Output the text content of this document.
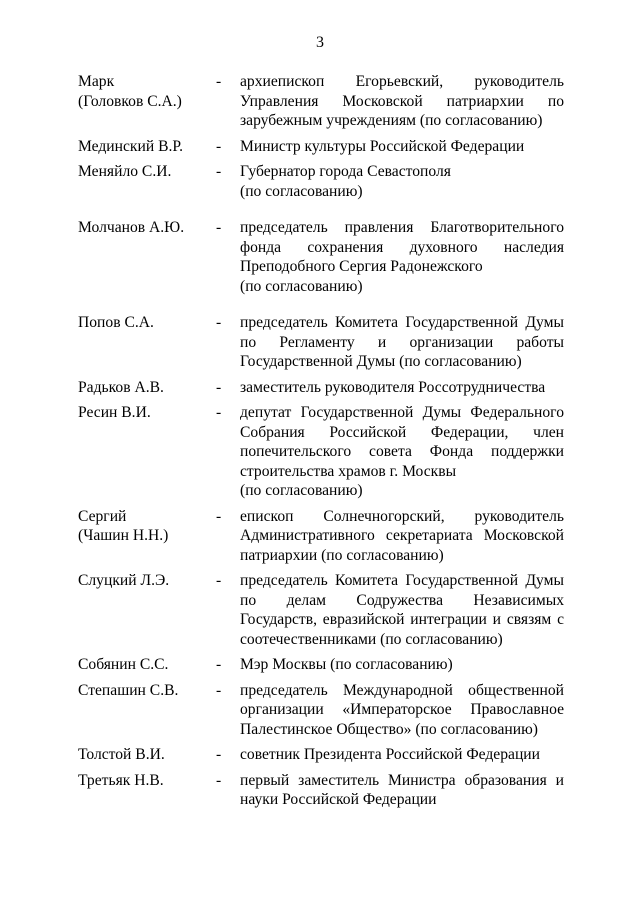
3
Марк
(Головков С.А.)
-	архиепископ Егорьевский, руководитель Управления Московской патриархии по зарубежным учреждениям (по согласованию)
Мединский В.Р.	-	Министр культуры Российской Федерации
Меняйло С.И.	-	Губернатор города Севастополя
(по согласованию)
Молчанов А.Ю.	-	председатель правления Благотворительного фонда сохранения духовного наследия Преподобного Сергия Радонежского
(по согласованию)
Попов С.А.	-	председатель Комитета Государственной Думы по Регламенту и организации работы Государственной Думы (по согласованию)
Радьков А.В.	-	заместитель руководителя Россотрудничества
Ресин В.И.	-	депутат Государственной Думы Федерального Собрания Российской Федерации, член попечительского совета Фонда поддержки строительства храмов г. Москвы
(по согласованию)
Сергий
(Чашин Н.Н.)
-	епископ Солнечногорский, руководитель Административного секретариата Московской патриархии (по согласованию)
Слуцкий Л.Э.	-	председатель Комитета Государственной Думы по делам Содружества Независимых Государств, евразийской интеграции и связям с соотечественниками (по согласованию)
Собянин С.С.	-	Мэр Москвы (по согласованию)
Степашин С.В.	-	председатель Международной общественной организации «Императорское Православное Палестинское Общество» (по согласованию)
Толстой В.И.	-	советник Президента Российской Федерации
Третьяк Н.В.	-	первый заместитель Министра образования и науки Российской Федерации
